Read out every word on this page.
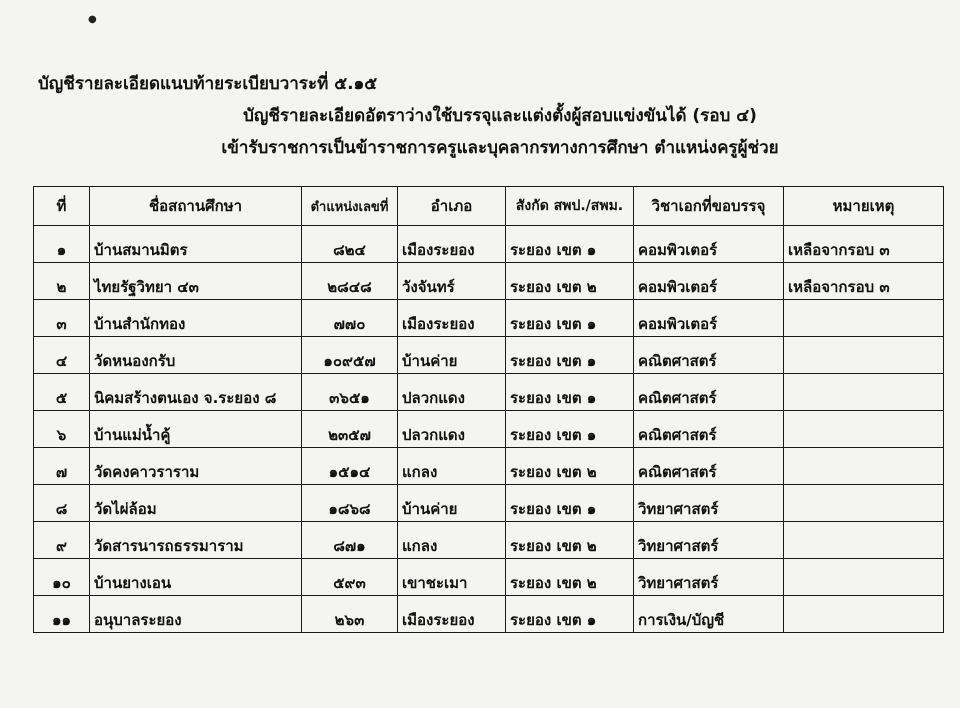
●
บัญชีรายละเอียดแนบท้ายระเบียบวาระที่ ๕.๑๕
บัญชีรายละเอียดอัตราว่างใช้บรรจุและแต่งตั้งผู้สอบแข่งขันได้ (รอบ ๔)
เข้ารับราชการเป็นข้าราชการครูและบุคลากรทางการศึกษา ตำแหน่งครูผู้ช่วย
ที่	ชื่อสถานศึกษา	ตำแหน่งเลขที่	อำเภอ	สังกัด สพป./สพม.	วิชาเอกที่ขอบรรจุ	หมายเหตุ
๑	บ้านสมานมิตร	๘๒๔	เมืองระยอง	ระยอง เขต ๑	คอมพิวเตอร์	เหลือจากรอบ ๓
๒	ไทยรัฐวิทยา ๔๓	๒๘๔๘	วังจันทร์	ระยอง เขต ๒	คอมพิวเตอร์	เหลือจากรอบ ๓
๓	บ้านสำนักทอง	๗๗๐	เมืองระยอง	ระยอง เขต ๑	คอมพิวเตอร์	
๔	วัดหนองกรับ	๑๐๙๕๗	บ้านค่าย	ระยอง เขต ๑	คณิตศาสตร์	
๕	นิคมสร้างตนเอง จ.ระยอง ๘	๓๖๕๑	ปลวกแดง	ระยอง เขต ๑	คณิตศาสตร์	
๖	บ้านแม่น้ำคู้	๒๓๕๗	ปลวกแดง	ระยอง เขต ๑	คณิตศาสตร์	
๗	วัดคงคาวราราม	๑๕๑๔	แกลง	ระยอง เขต ๒	คณิตศาสตร์	
๘	วัดไผ่ล้อม	๑๘๖๘	บ้านค่าย	ระยอง เขต ๑	วิทยาศาสตร์	
๙	วัดสารนารถธรรมาราม	๘๗๑	แกลง	ระยอง เขต ๒	วิทยาศาสตร์	
๑๐	บ้านยางเอน	๕๙๓	เขาชะเมา	ระยอง เขต ๒	วิทยาศาสตร์	
๑๑	อนุบาลระยอง	๒๖๓	เมืองระยอง	ระยอง เขต ๑	การเงิน/บัญชี	
